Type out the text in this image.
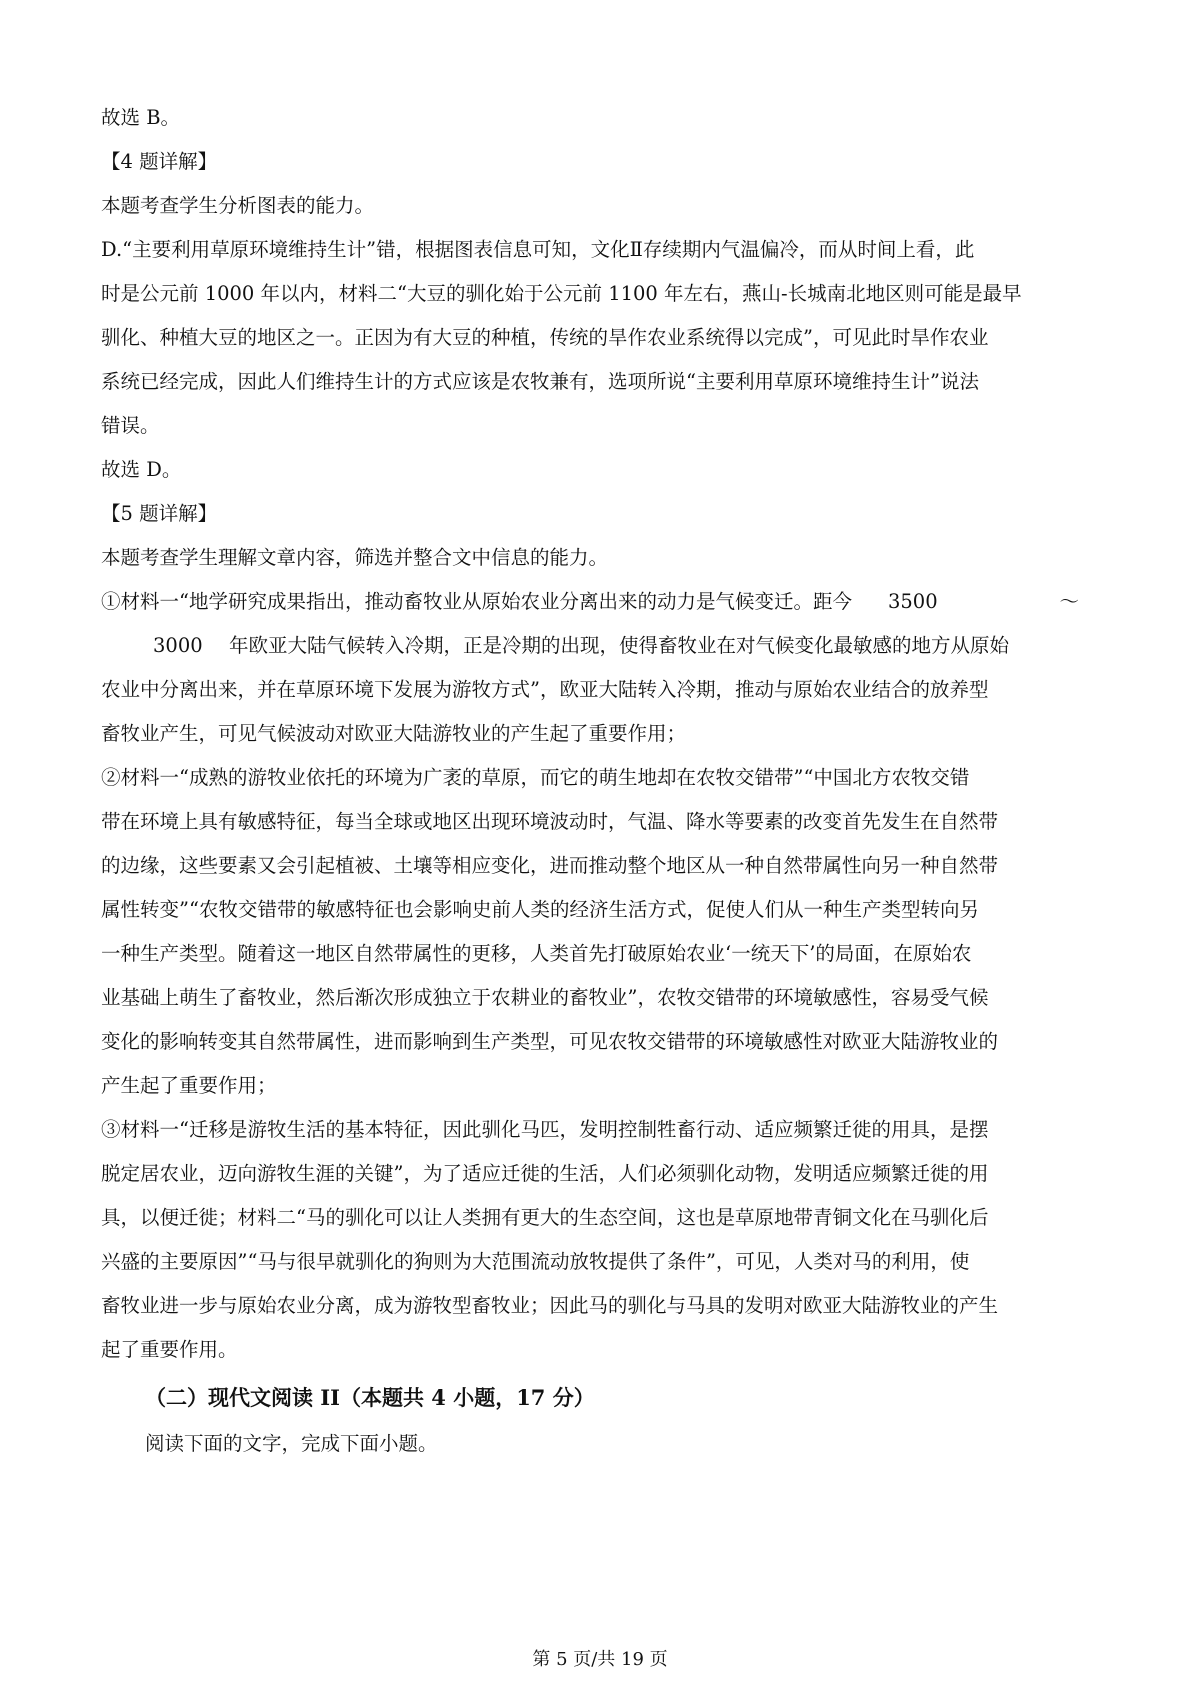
故选 B。
【4 题详解】
本题考查学生分析图表的能力。
D.“主要利用草原环境维持生计”错，根据图表信息可知，文化Ⅱ存续期内气温偏冷，而从时间上看，此
时是公元前 1000 年以内，材料二“大豆的驯化始于公元前 1100 年左右，燕山-长城南北地区则可能是最早
驯化、种植大豆的地区之一。正因为有大豆的种植，传统的旱作农业系统得以完成”，可见此时旱作农业
系统已经完成，因此人们维持生计的方式应该是农牧兼有，选项所说“主要利用草原环境维持生计”说法
错误。
故选 D。
【5 题详解】
本题考查学生理解文章内容，筛选并整合文中信息的能力。
①材料一“地学研究成果指出，推动畜牧业从原始农业分离出来的动力是气候变迁。距今 3500	～
3000 年欧亚大陆气候转入冷期，正是冷期的出现，使得畜牧业在对气候变化最敏感的地方从原始
农业中分离出来，并在草原环境下发展为游牧方式”，欧亚大陆转入冷期，推动与原始农业结合的放养型
畜牧业产生，可见气候波动对欧亚大陆游牧业的产生起了重要作用；
②材料一“成熟的游牧业依托的环境为广袤的草原，而它的萌生地却在农牧交错带”“中国北方农牧交错
带在环境上具有敏感特征，每当全球或地区出现环境波动时，气温、降水等要素的改变首先发生在自然带
的边缘，这些要素又会引起植被、土壤等相应变化，进而推动整个地区从一种自然带属性向另一种自然带
属性转变”“农牧交错带的敏感特征也会影响史前人类的经济生活方式，促使人们从一种生产类型转向另
一种生产类型。随着这一地区自然带属性的更移，人类首先打破原始农业‘一统天下’的局面，在原始农
业基础上萌生了畜牧业，然后渐次形成独立于农耕业的畜牧业”，农牧交错带的环境敏感性，容易受气候
变化的影响转变其自然带属性，进而影响到生产类型，可见农牧交错带的环境敏感性对欧亚大陆游牧业的
产生起了重要作用；
③材料一“迁移是游牧生活的基本特征，因此驯化马匹，发明控制牲畜行动、适应频繁迁徙的用具，是摆
脱定居农业，迈向游牧生涯的关键”，为了适应迁徙的生活，人们必须驯化动物，发明适应频繁迁徙的用
具，以便迁徙；材料二“马的驯化可以让人类拥有更大的生态空间，这也是草原地带青铜文化在马驯化后
兴盛的主要原因”“马与很早就驯化的狗则为大范围流动放牧提供了条件”，可见，人类对马的利用，使
畜牧业进一步与原始农业分离，成为游牧型畜牧业；因此马的驯化与马具的发明对欧亚大陆游牧业的产生
起了重要作用。
（二）现代文阅读 II（本题共 4 小题，17 分）
阅读下面的文字，完成下面小题。
第 5 页/共 19 页
